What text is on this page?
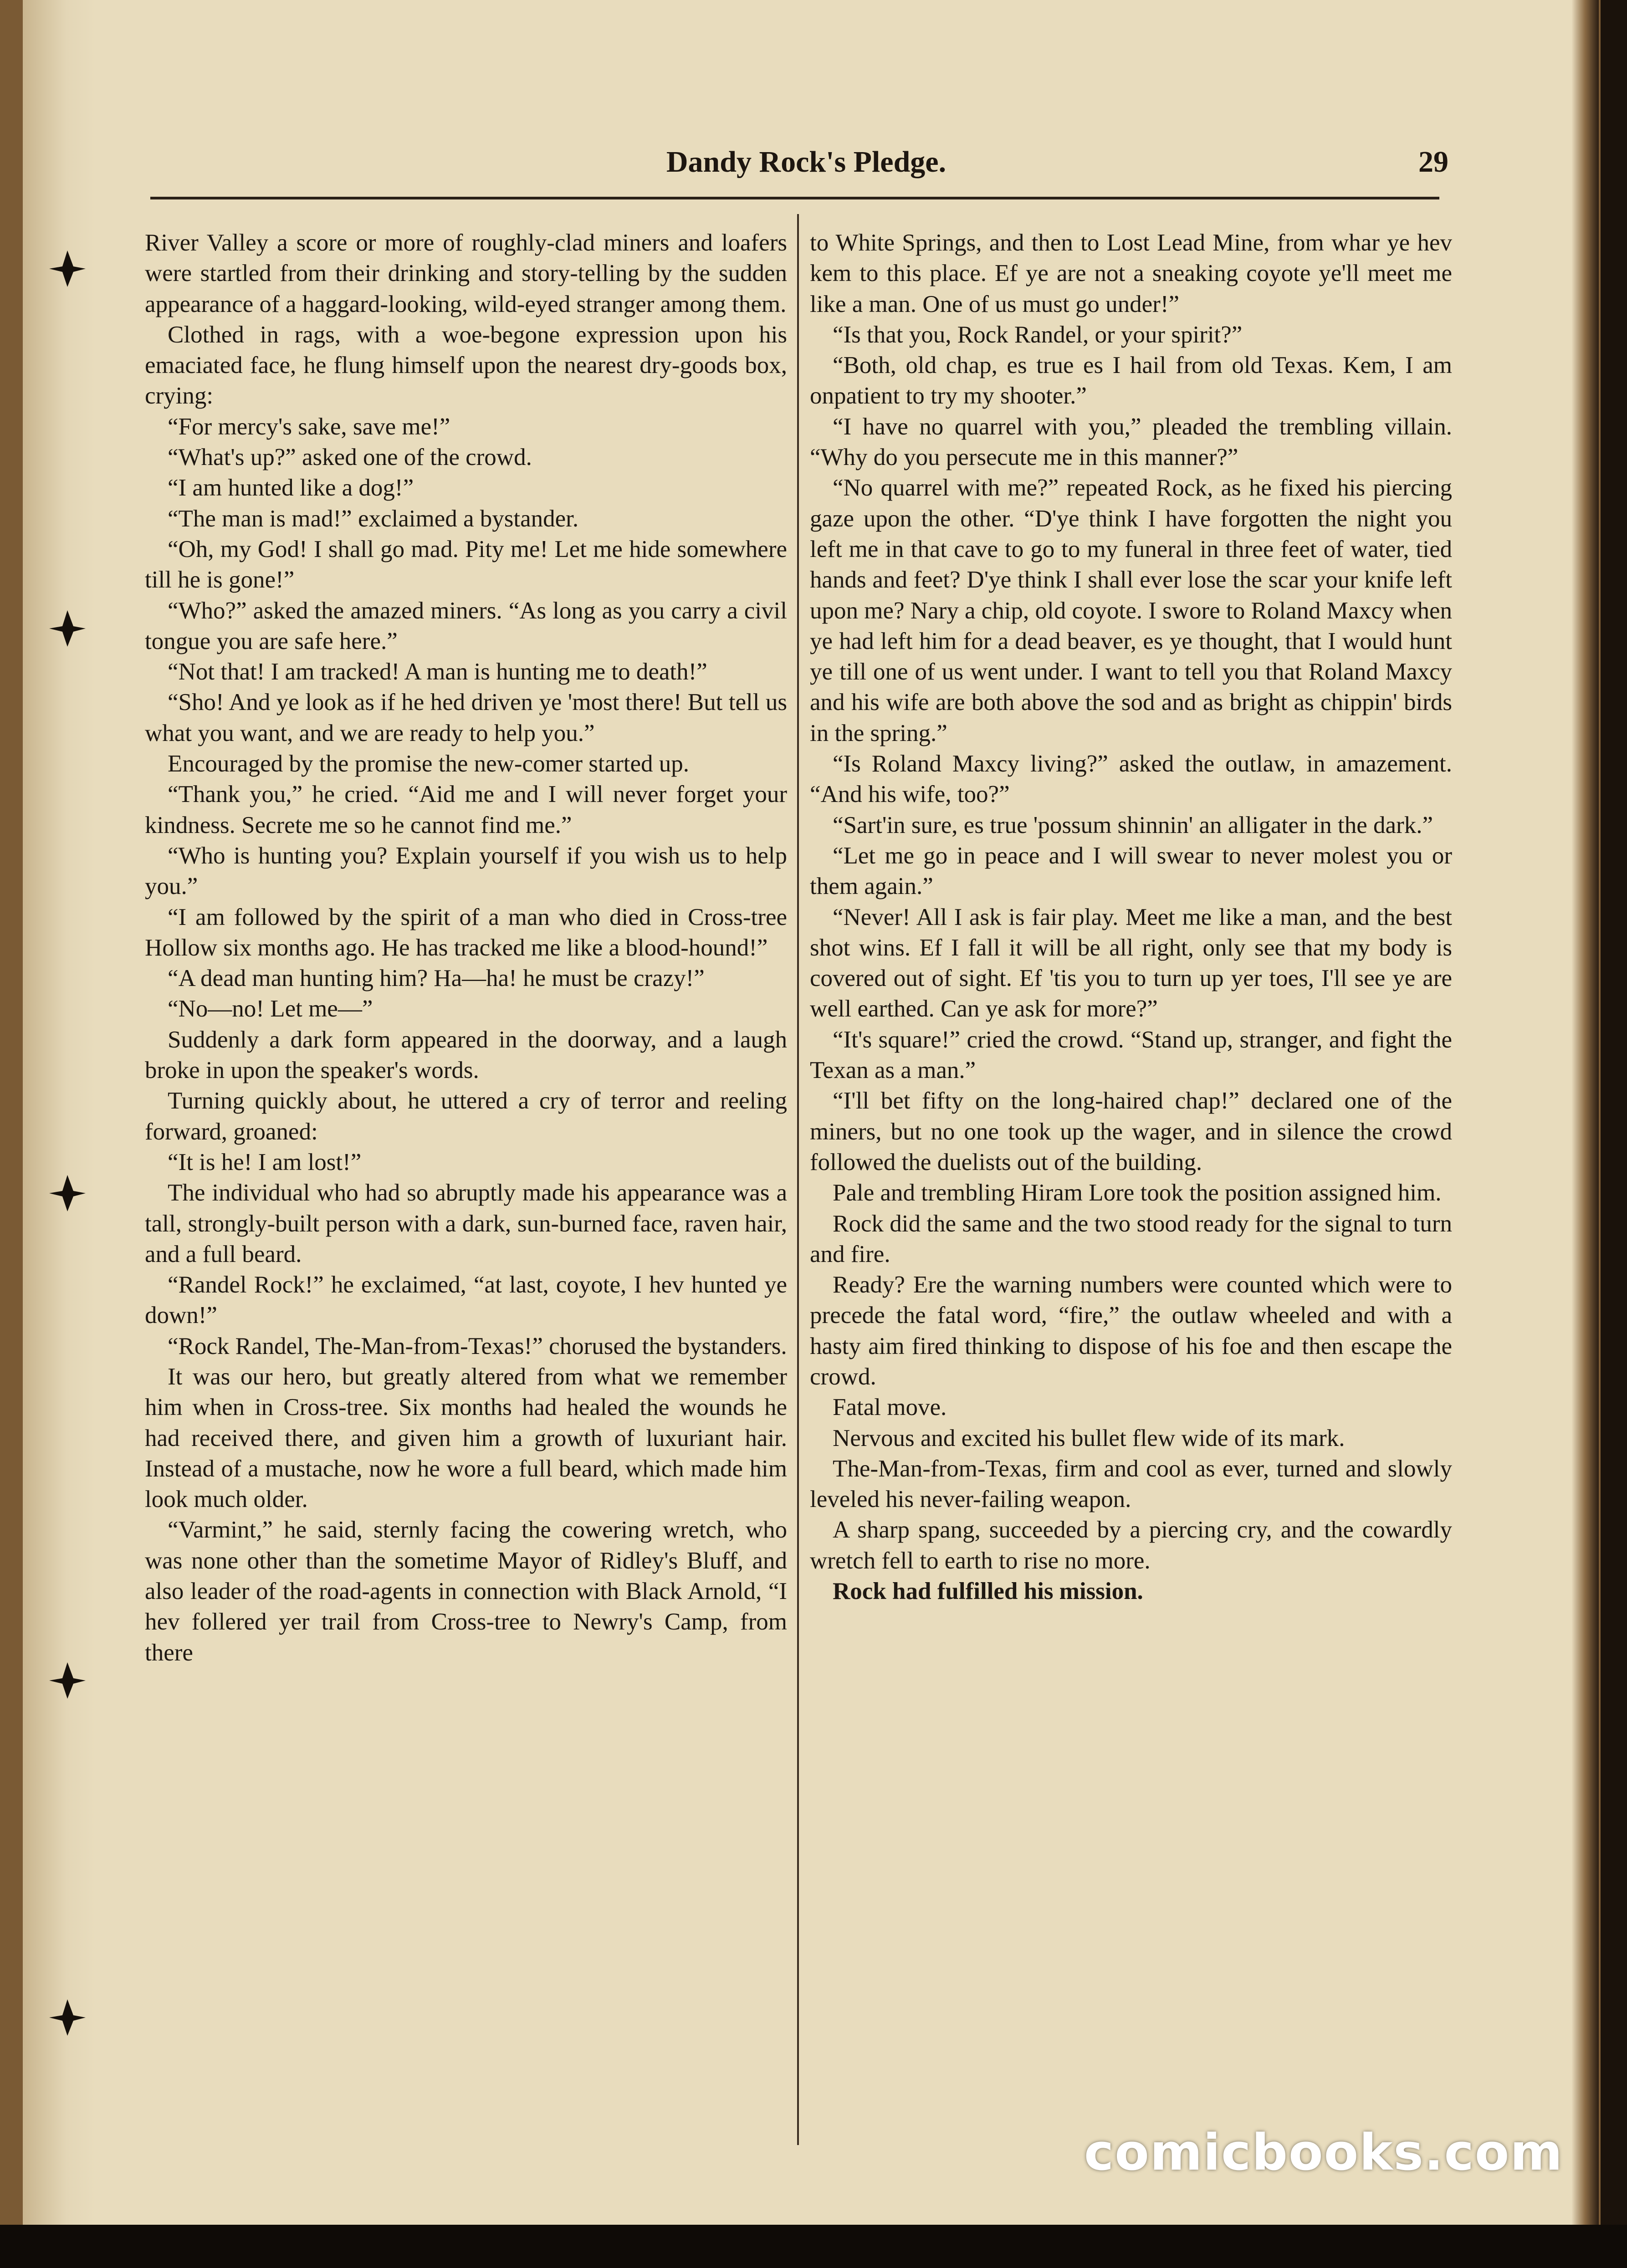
Dandy Rock's Pledge.	29

River Valley a score or more of roughly-clad miners and loafers were startled from their drinking and story-telling by the sudden appearance of a haggard-looking, wild-eyed stranger among them.

Clothed in rags, with a woe-begone expression upon his emaciated face, he flung himself upon the nearest dry-goods box, crying:

“For mercy's sake, save me!”

“What's up?” asked one of the crowd.

“I am hunted like a dog!”

“The man is mad!” exclaimed a bystander.

“Oh, my God! I shall go mad. Pity me! Let me hide somewhere till he is gone!”

“Who?” asked the amazed miners. “As long as you carry a civil tongue you are safe here.”

“Not that! I am tracked! A man is hunting me to death!”

“Sho! And ye look as if he hed driven ye 'most there! But tell us what you want, and we are ready to help you.”

Encouraged by the promise the new-comer started up.

“Thank you,” he cried. “Aid me and I will never forget your kindness. Secrete me so he cannot find me.”

“Who is hunting you? Explain yourself if you wish us to help you.”

“I am followed by the spirit of a man who died in Cross-tree Hollow six months ago. He has tracked me like a blood-hound!”

“A dead man hunting him? Ha—ha! he must be crazy!”

“No—no! Let me—”

Suddenly a dark form appeared in the doorway, and a laugh broke in upon the speaker's words.

Turning quickly about, he uttered a cry of terror and reeling forward, groaned:

“It is he! I am lost!”

The individual who had so abruptly made his appearance was a tall, strongly-built person with a dark, sun-burned face, raven hair, and a full beard.

“Randel Rock!” he exclaimed, “at last, coyote, I hev hunted ye down!”

“Rock Randel, The-Man-from-Texas!” chorused the bystanders.

It was our hero, but greatly altered from what we remember him when in Cross-tree. Six months had healed the wounds he had received there, and given him a growth of luxuriant hair. Instead of a mustache, now he wore a full beard, which made him look much older.

“Varmint,” he said, sternly facing the cowering wretch, who was none other than the sometime Mayor of Ridley's Bluff, and also leader of the road-agents in connection with Black Arnold, “I hev follered yer trail from Cross-tree to Newry's Camp, from there

to White Springs, and then to Lost Lead Mine, from whar ye hev kem to this place. Ef ye are not a sneaking coyote ye'll meet me like a man. One of us must go under!”

“Is that you, Rock Randel, or your spirit?”

“Both, old chap, es true es I hail from old Texas. Kem, I am onpatient to try my shooter.”

“I have no quarrel with you,” pleaded the trembling villain. “Why do you persecute me in this manner?”

“No quarrel with me?” repeated Rock, as he fixed his piercing gaze upon the other. “D'ye think I have forgotten the night you left me in that cave to go to my funeral in three feet of water, tied hands and feet? D'ye think I shall ever lose the scar your knife left upon me? Nary a chip, old coyote. I swore to Roland Maxcy when ye had left him for a dead beaver, es ye thought, that I would hunt ye till one of us went under. I want to tell you that Roland Maxcy and his wife are both above the sod and as bright as chippin' birds in the spring.”

“Is Roland Maxcy living?” asked the outlaw, in amazement. “And his wife, too?”

“Sart'in sure, es true 'possum shinnin' an alligater in the dark.”

“Let me go in peace and I will swear to never molest you or them again.”

“Never! All I ask is fair play. Meet me like a man, and the best shot wins. Ef I fall it will be all right, only see that my body is covered out of sight. Ef 'tis you to turn up yer toes, I'll see ye are well earthed. Can ye ask for more?”

“It's square!” cried the crowd. “Stand up, stranger, and fight the Texan as a man.”

“I'll bet fifty on the long-haired chap!” declared one of the miners, but no one took up the wager, and in silence the crowd followed the duelists out of the building.

Pale and trembling Hiram Lore took the position assigned him.

Rock did the same and the two stood ready for the signal to turn and fire.

Ready? Ere the warning numbers were counted which were to precede the fatal word, “fire,” the outlaw wheeled and with a hasty aim fired thinking to dispose of his foe and then escape the crowd.

Fatal move.

Nervous and excited his bullet flew wide of its mark.

The-Man-from-Texas, firm and cool as ever, turned and slowly leveled his never-failing weapon.

A sharp spang, succeeded by a piercing cry, and the cowardly wretch fell to earth to rise no more.

Rock had fulfilled his mission.

comicbooks.com
